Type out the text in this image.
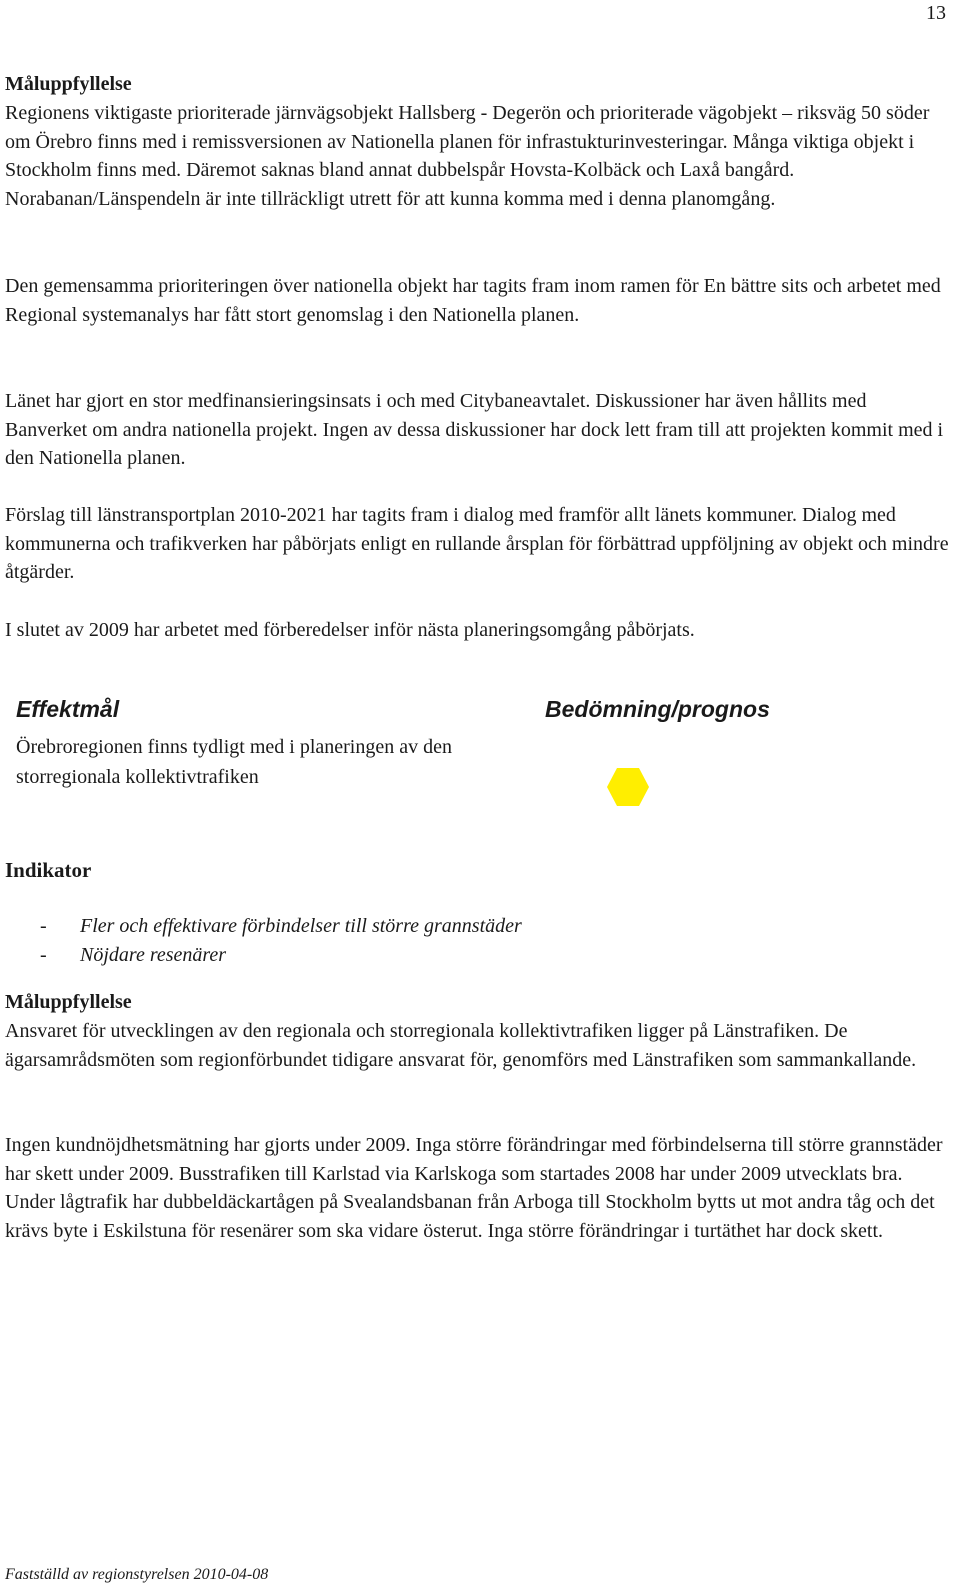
13

Måluppfyllelse

Regionens viktigaste prioriterade järnvägsobjekt Hallsberg - Degerön och prioriterade vägobjekt – riksväg 50 söder om Örebro finns med i remissversionen av Nationella planen för infrastukturinvesteringar. Många viktiga objekt i Stockholm finns med. Däremot saknas bland annat dubbelspår Hovsta-Kolbäck och Laxå bangård. Norabanan/Länspendeln är inte tillräckligt utrett för att kunna komma med i denna planomgång.

Den gemensamma prioriteringen över nationella objekt har tagits fram inom ramen för En bättre sits och arbetet med Regional systemanalys har fått stort genomslag i den Nationella planen.

Länet har gjort en stor medfinansieringsinsats i och med Citybaneavtalet. Diskussioner har även hållits med Banverket om andra nationella projekt. Ingen av dessa diskussioner har dock lett fram till att projekten kommit med i den Nationella planen.

Förslag till länstransportplan 2010-2021 har tagits fram i dialog med framför allt länets kommuner. Dialog med kommunerna och trafikverken har påbörjats enligt en rullande årsplan för förbättrad uppföljning av objekt och mindre åtgärder.

I slutet av 2009 har arbetet med förberedelser inför nästa planeringsomgång påbörjats.

Effektmål	Bedömning/prognos

Örebroregionen finns tydligt med i planeringen av den storregionala kollektivtrafiken

Indikator

- Fler och effektivare förbindelser till större grannstäder
- Nöjdare resenärer

Måluppfyllelse

Ansvaret för utvecklingen av den regionala och storregionala kollektivtrafiken ligger på Länstrafiken. De ägarsamrådsmöten som regionförbundet tidigare ansvarat för, genomförs med Länstrafiken som sammankallande.

Ingen kundnöjdhetsmätning har gjorts under 2009. Inga större förändringar med förbindelserna till större grannstäder har skett under 2009. Busstrafiken till Karlstad via Karlskoga som startades 2008 har under 2009 utvecklats bra. Under lågtrafik har dubbeldäckartågen på Svealandsbanan från Arboga till Stockholm bytts ut mot andra tåg och det krävs byte i Eskilstuna för resenärer som ska vidare österut. Inga större förändringar i turtäthet har dock skett.

Fastställd av regionstyrelsen 2010-04-08
